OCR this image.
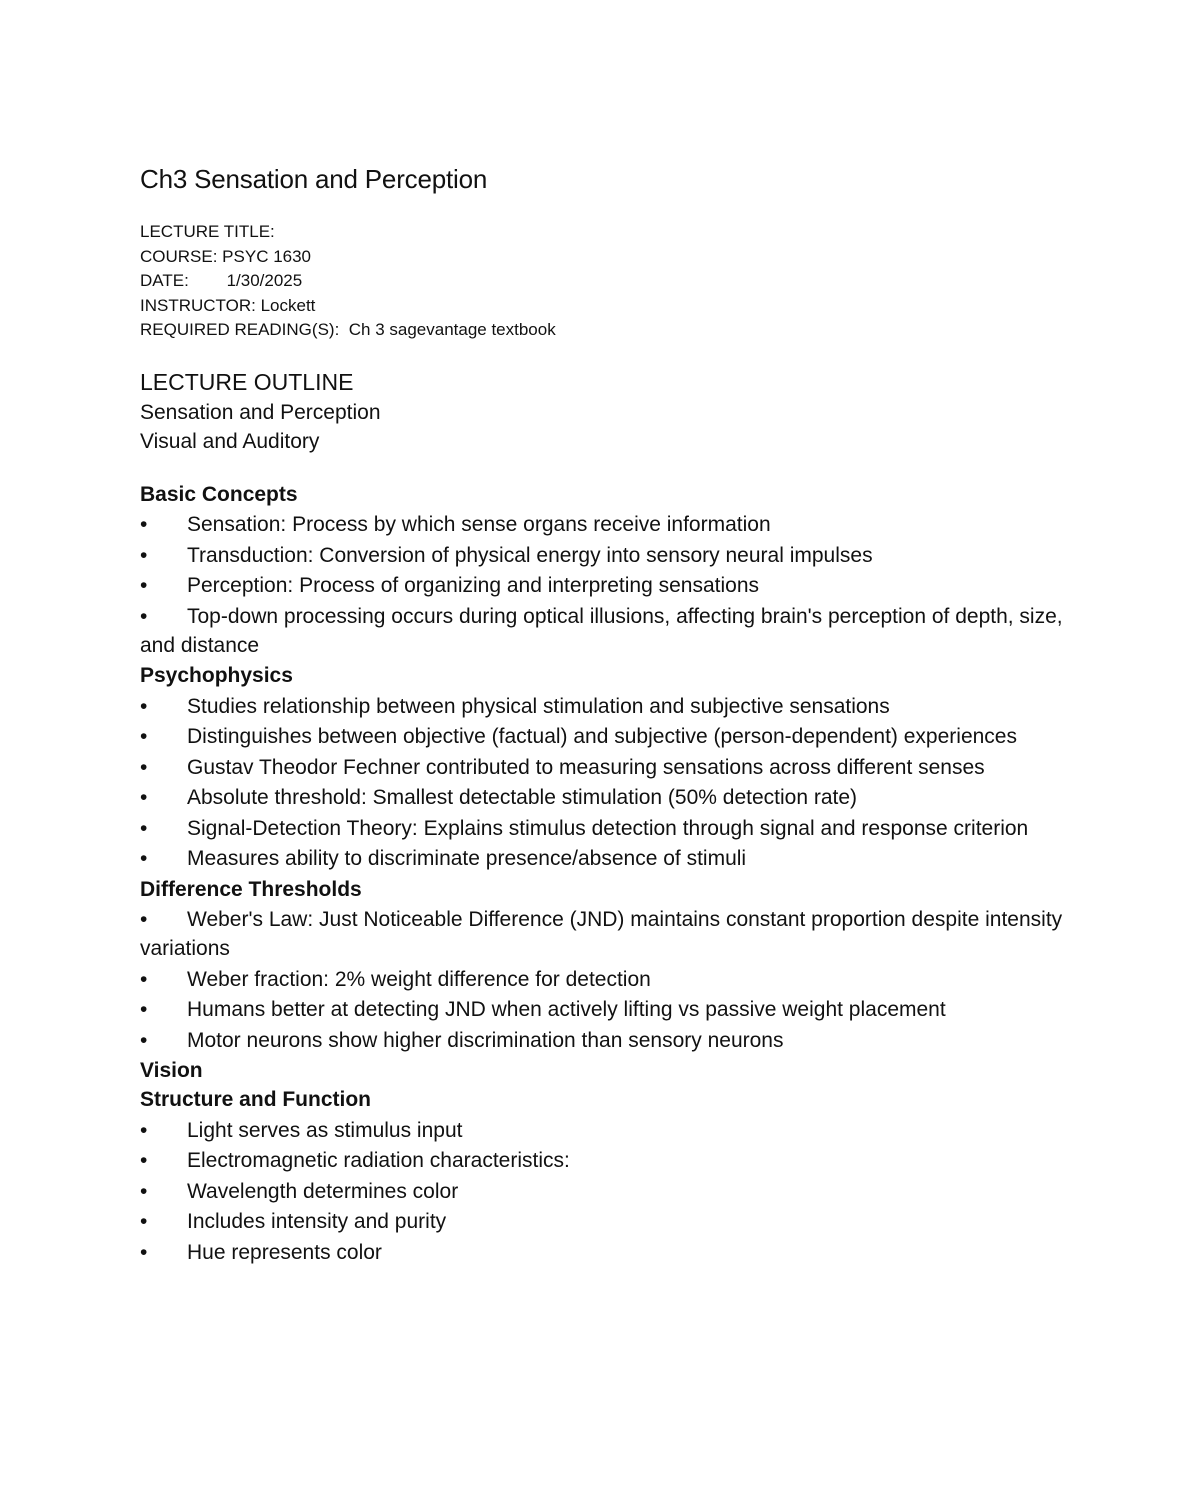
Ch3 Sensation and Perception
LECTURE TITLE:
COURSE: PSYC 1630
DATE:        1/30/2025
INSTRUCTOR: Lockett
REQUIRED READING(S):  Ch 3 sagevantage textbook
LECTURE OUTLINE
Sensation and Perception
Visual and Auditory
Basic Concepts
•	Sensation: Process by which sense organs receive information
•	Transduction: Conversion of physical energy into sensory neural impulses
•	Perception: Process of organizing and interpreting sensations
• Top-down processing occurs during optical illusions, affecting brain's perception of depth, size, and distance
Psychophysics
•	Studies relationship between physical stimulation and subjective sensations
• Distinguishes between objective (factual) and subjective (person-dependent) experiences
• Gustav Theodor Fechner contributed to measuring sensations across different senses
•	Absolute threshold: Smallest detectable stimulation (50% detection rate)
• Signal-Detection Theory: Explains stimulus detection through signal and response criterion
•	Measures ability to discriminate presence/absence of stimuli
Difference Thresholds
• Weber's Law: Just Noticeable Difference (JND) maintains constant proportion despite intensity variations
•	Weber fraction: 2% weight difference for detection
• Humans better at detecting JND when actively lifting vs passive weight placement
•	Motor neurons show higher discrimination than sensory neurons
Vision
Structure and Function
•	Light serves as stimulus input
•	Electromagnetic radiation characteristics:
•	Wavelength determines color
•	Includes intensity and purity
•	Hue represents color
